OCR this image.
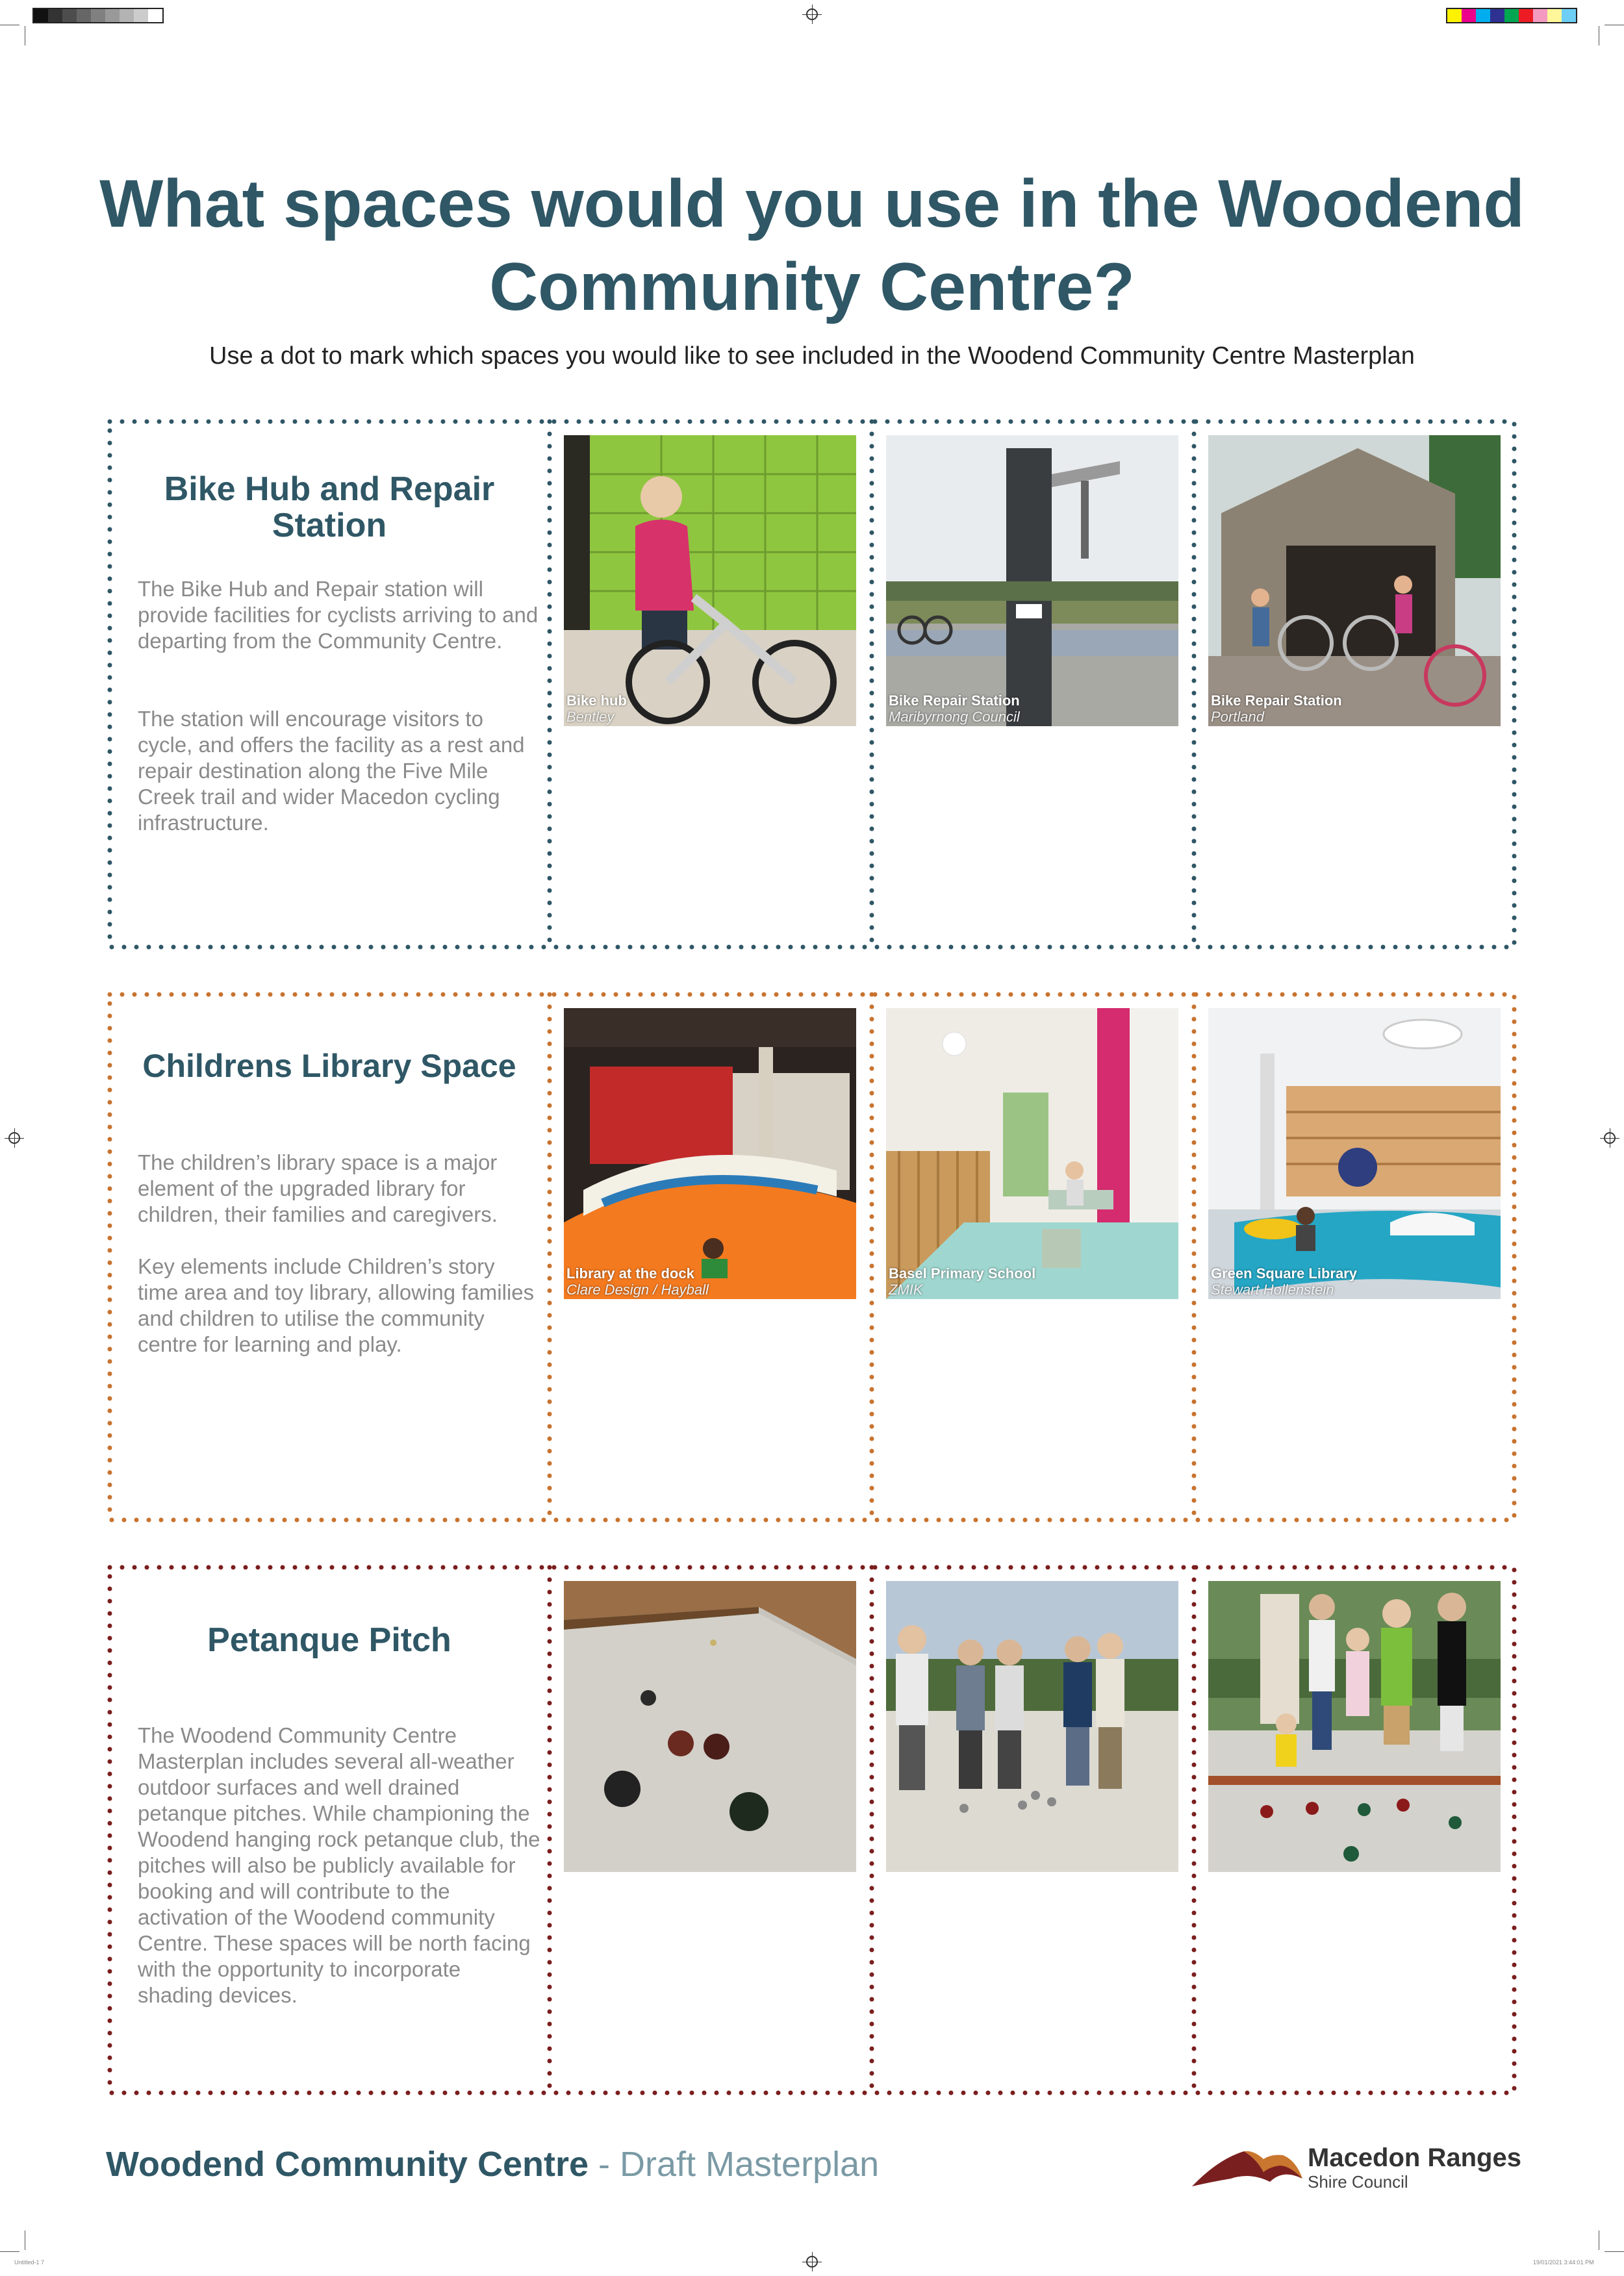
Untitled-1 7	19/01/2021 3:44:01 PM
What spaces would you use in the Woodend
Community Centre?

Use a dot to mark which spaces you would like to see included in the Woodend Community Centre Masterplan

Bike Hub and Repair Station

The Bike Hub and Repair station will provide facilities for cyclists arriving to and departing from the Community Centre.

The station will encourage visitors to cycle, and offers the facility as a rest and repair destination along the Five Mile Creek trail and wider Macedon cycling infrastructure.

Bike hub
Bentley
Bike Repair Station
Maribyrnong Council
Bike Repair Station
Portland
Childrens Library Space

The children’s library space is a major element of the upgraded library for children, their families and caregivers.

Key elements include Children’s story time area and toy library, allowing families and children to utilise the community centre for learning and play.

Library at the dock
Clare Design / Hayball
Basel Primary School
ZMIK
Green Square Library
Stewart Hollenstein
Petanque Pitch

The Woodend Community Centre Masterplan includes several all-weather outdoor surfaces and well drained petanque pitches. While championing the Woodend hanging rock petanque club, the pitches will also be publicly available for booking and will contribute to the activation of the Woodend community Centre. These spaces will be north facing with the opportunity to incorporate shading devices.

Woodend Community Centre - Draft Masterplan	Macedon Ranges
Shire Council
